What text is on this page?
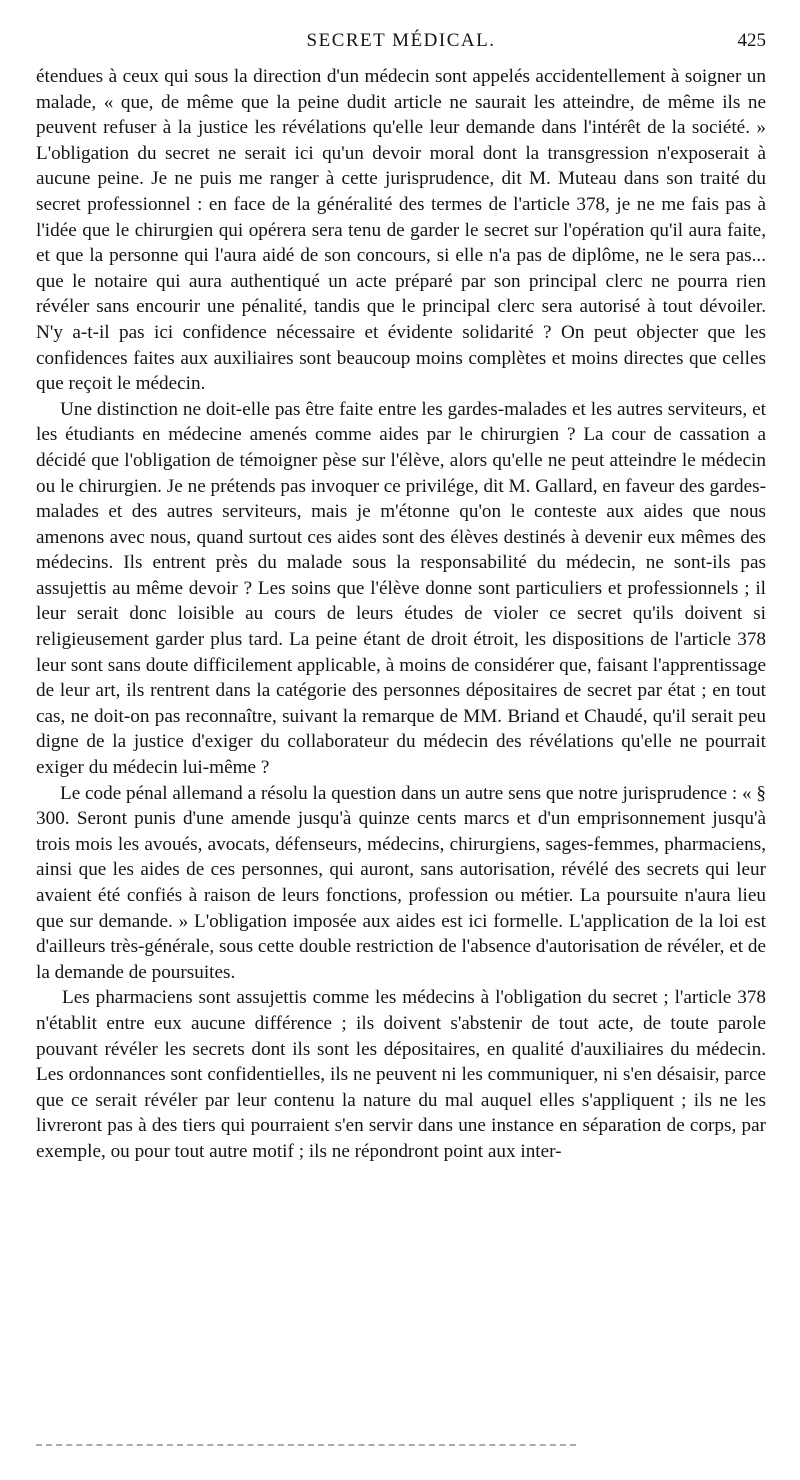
SECRET MÉDICAL.	425

étendues à ceux qui sous la direction d'un médecin sont appelés accidentellement à soigner un malade, « que, de même que la peine dudit article ne saurait les atteindre, de même ils ne peuvent refuser à la justice les révélations qu'elle leur demande dans l'intérêt de la société. » L'obligation du secret ne serait ici qu'un devoir moral dont la transgression n'exposerait à aucune peine. Je ne puis me ranger à cette jurisprudence, dit M. Muteau dans son traité du secret professionnel : en face de la généralité des termes de l'article 378, je ne me fais pas à l'idée que le chirurgien qui opérera sera tenu de garder le secret sur l'opération qu'il aura faite, et que la personne qui l'aura aidé de son concours, si elle n'a pas de diplôme, ne le sera pas... que le notaire qui aura authentiqué un acte préparé par son principal clerc ne pourra rien révéler sans encourir une pénalité, tandis que le principal clerc sera autorisé à tout dévoiler. N'y a-t-il pas ici confidence nécessaire et évidente solidarité ? On peut objecter que les confidences faites aux auxiliaires sont beaucoup moins complètes et moins directes que celles que reçoit le médecin.

Une distinction ne doit-elle pas être faite entre les gardes-malades et les autres serviteurs, et les étudiants en médecine amenés comme aides par le chirurgien ? La cour de cassation a décidé que l'obligation de témoigner pèse sur l'élève, alors qu'elle ne peut atteindre le médecin ou le chirurgien. Je ne prétends pas invoquer ce privilége, dit M. Gallard, en faveur des gardes-malades et des autres serviteurs, mais je m'étonne qu'on le conteste aux aides que nous amenons avec nous, quand surtout ces aides sont des élèves destinés à devenir eux mêmes des médecins. Ils entrent près du malade sous la responsabilité du médecin, ne sont-ils pas assujettis au même devoir ? Les soins que l'élève donne sont particuliers et professionnels ; il leur serait donc loisible au cours de leurs études de violer ce secret qu'ils doivent si religieusement garder plus tard. La peine étant de droit étroit, les dispositions de l'article 378 leur sont sans doute difficilement applicable, à moins de considérer que, faisant l'apprentissage de leur art, ils rentrent dans la catégorie des personnes dépositaires de secret par état ; en tout cas, ne doit-on pas reconnaître, suivant la remarque de MM. Briand et Chaudé, qu'il serait peu digne de la justice d'exiger du collaborateur du médecin des révélations qu'elle ne pourrait exiger du médecin lui-même ?

Le code pénal allemand a résolu la question dans un autre sens que notre jurisprudence : « § 300. Seront punis d'une amende jusqu'à quinze cents marcs et d'un emprisonnement jusqu'à trois mois les avoués, avocats, défenseurs, médecins, chirurgiens, sages-femmes, pharmaciens, ainsi que les aides de ces personnes, qui auront, sans autorisation, révélé des secrets qui leur avaient été confiés à raison de leurs fonctions, profession ou métier. La poursuite n'aura lieu que sur demande. » L'obligation imposée aux aides est ici formelle. L'application de la loi est d'ailleurs très-générale, sous cette double restriction de l'absence d'autorisation de révéler, et de la demande de poursuites.

Les pharmaciens sont assujettis comme les médecins à l'obligation du secret ; l'article 378 n'établit entre eux aucune différence ; ils doivent s'abstenir de tout acte, de toute parole pouvant révéler les secrets dont ils sont les dépositaires, en qualité d'auxiliaires du médecin. Les ordonnances sont confidentielles, ils ne peuvent ni les communiquer, ni s'en désaisir, parce que ce serait révéler par leur contenu la nature du mal auquel elles s'appliquent ; ils ne les livreront pas à des tiers qui pourraient s'en servir dans une instance en séparation de corps, par exemple, ou pour tout autre motif ; ils ne répondront point aux inter-
